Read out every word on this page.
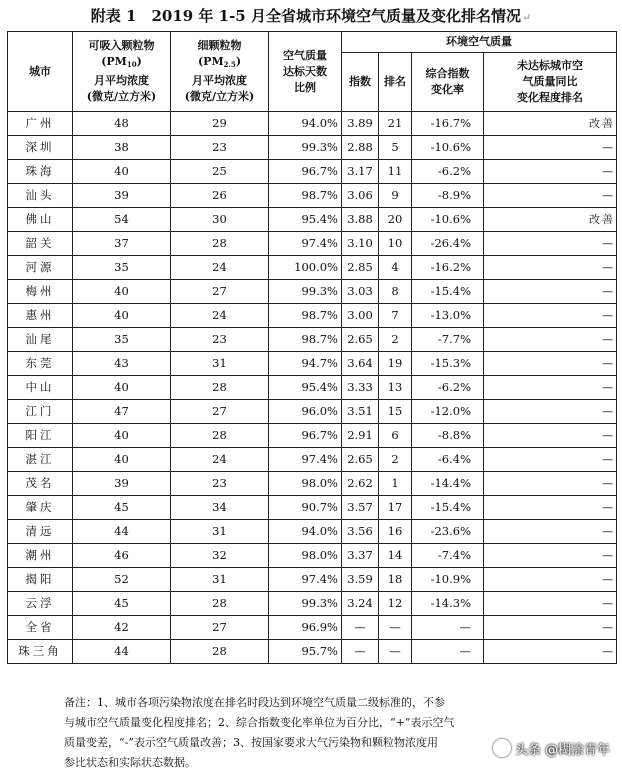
附表 1　2019 年 1-5 月全省城市环境空气质量及变化排名情况↵
城市	可吸入颗粒物
$(PM_{10})$
月平均浓度
(微克/立方米)	细颗粒物
$(PM_{2.5})$
月平均浓度
(微克/立方米)	空气质量
达标天数
比例	环境空气质量			
				指数	排名	综合指数
变化率	未达标城市空
气质量同比
变化程度排名

广州	48	29	94.0%	3.89	21	-16.7%	改善
深圳	38	23	99.3%	2.88	5	-10.6%	—
珠海	40	25	96.7%	3.17	11	-6.2%	—
汕头	39	26	98.7%	3.06	9	-8.9%	—
佛山	54	30	95.4%	3.88	20	-10.6%	改善
韶关	37	28	97.4%	3.10	10	-26.4%	—
河源	35	24	100.0%	2.85	4	-16.2%	—
梅州	40	27	99.3%	3.03	8	-15.4%	—
惠州	40	24	98.7%	3.00	7	-13.0%	—
汕尾	35	23	98.7%	2.65	2	-7.7%	—
东莞	43	31	94.7%	3.64	19	-15.3%	—
中山	40	28	95.4%	3.33	13	-6.2%	—
江门	47	27	96.0%	3.51	15	-12.0%	—
阳江	40	28	96.7%	2.91	6	-8.8%	—
湛江	40	24	97.4%	2.65	2	-6.4%	—
茂名	39	23	98.0%	2.62	1	-14.4%	—
肇庆	45	34	90.7%	3.57	17	-15.4%	—
清远	44	31	94.0%	3.56	16	-23.6%	—
潮州	46	32	98.0%	3.37	14	-7.4%	—
揭阳	52	31	97.4%	3.59	18	-10.9%	—
云浮	45	28	99.3%	3.24	12	-14.3%	—
全省	42	27	96.9%	—	—	—	—
珠三角	44	28	95.7%	—	—	—	—

备注：1、城市各项污染物浓度在排名时段达到环境空气质量二级标准的，不参

与城市空气质量变化程度排名；2、综合指数变化率单位为百分比，“+”表示空气

质量变差，“-”表示空气质量改善；3、按国家要求大气污染物和颗粒物浓度用

参比状态和实际状态数据。

头条 @糊涂青年
